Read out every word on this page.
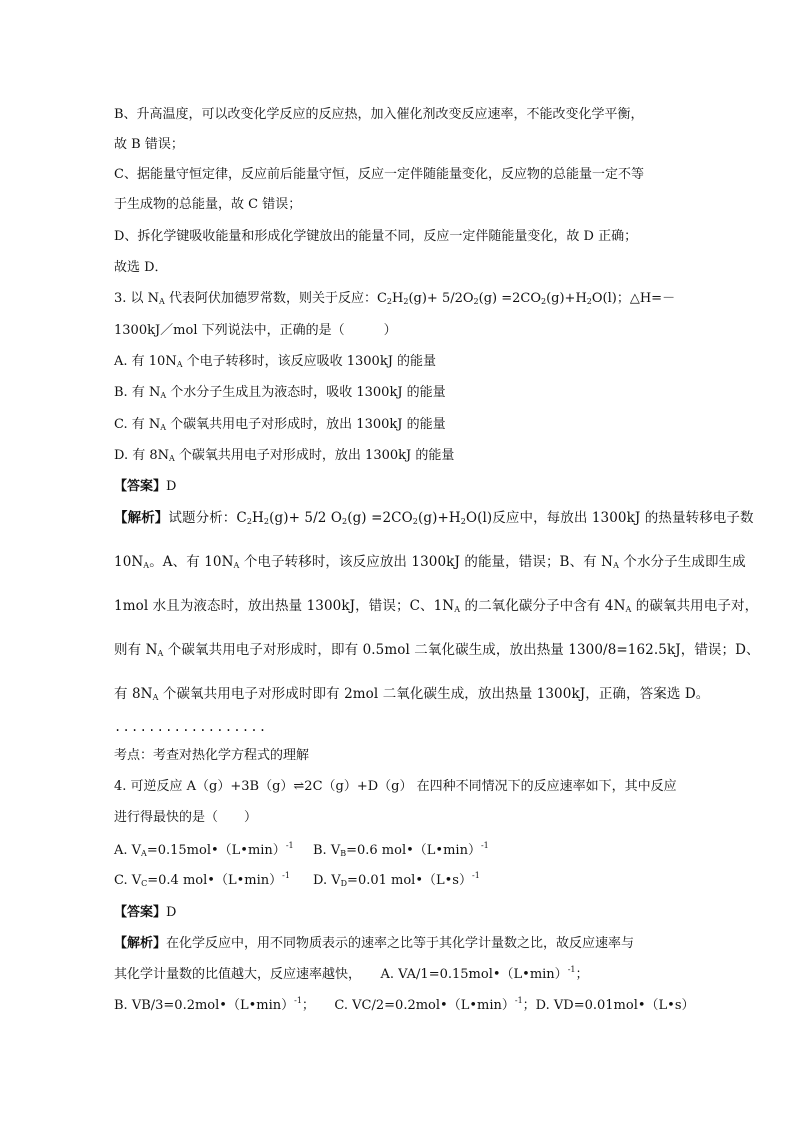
B、升高温度，可以改变化学反应的反应热，加入催化剂改变反应速率，不能改变化学平衡，
故 B 错误；
C、据能量守恒定律，反应前后能量守恒，反应一定伴随能量变化，反应物的总能量一定不等
于生成物的总能量，故 C 错误；
D、拆化学键吸收能量和形成化学键放出的能量不同，反应一定伴随能量变化，故 D 正确；
故选 D．
3. 以 $N_A$ 代表阿伏加德罗常数，则关于反应：$C_2H_2(g)+ 5/2O_2(g) =2CO_2(g)+H_2O(l)$；△H=－
1300kJ／mol 下列说法中，正确的是（　　　）
A. 有 $10N_A$ 个电子转移时，该反应吸收 1300kJ 的能量
B. 有 $N_A$ 个水分子生成且为液态时，吸收 1300kJ 的能量
C. 有 $N_A$ 个碳氧共用电子对形成时，放出 1300kJ 的能量
D. 有 $8N_A$ 个碳氧共用电子对形成时，放出 1300kJ 的能量
【答案】D
【解析】试题分析：$C_2H_2(g)+ 5/2$ $O_2(g) =2CO_2(g)+H_2O(l)$反应中，每放出 1300kJ 的热量转移电子数
$10N_A$。A、有 $10N_A$ 个电子转移时，该反应放出 1300kJ 的能量，错误；B、有 $N_A$ 个水分子生成即生成
1mol 水且为液态时，放出热量 1300kJ，错误；C、$1N_A$ 的二氧化碳分子中含有 $4N_A$ 的碳氧共用电子对，
则有 $N_A$ 个碳氧共用电子对形成时，即有 0.5mol 二氧化碳生成，放出热量 1300/8=162.5kJ，错误；D、
有 $8N_A$ 个碳氧共用电子对形成时即有 2mol 二氧化碳生成，放出热量 1300kJ，正确，答案选 D。
..................
考点：考查对热化学方程式的理解
4. 可逆反应 A（g）+3B（g）⇌2C（g）+D（g） 在四种不同情况下的反应速率如下，其中反应
进行得最快的是（　　）
A. $V_A=0.15mol•(L•\min)^{-1}$ B. $V_B=0.6$ mol•（L•min）$^{-1}$
C. $V_C=0.4$ mol•（L•min）$^{-1}$ D. $V_D=0.01$ mol•（L•s）$^{-1}$
【答案】D
【解析】在化学反应中，用不同物质表示的速率之比等于其化学计量数之比，故反应速率与
其化学计量数的比值越大，反应速率越快，　　A. VA/1=0.15mol•（L•min）$^{-1}$；
B. VB/3=0.2mol•（L•min）$^{-1}$；　　C. VC/2=0.2mol•（L•min）$^{-1}$；D. VD=0.01mol•（L•s）
